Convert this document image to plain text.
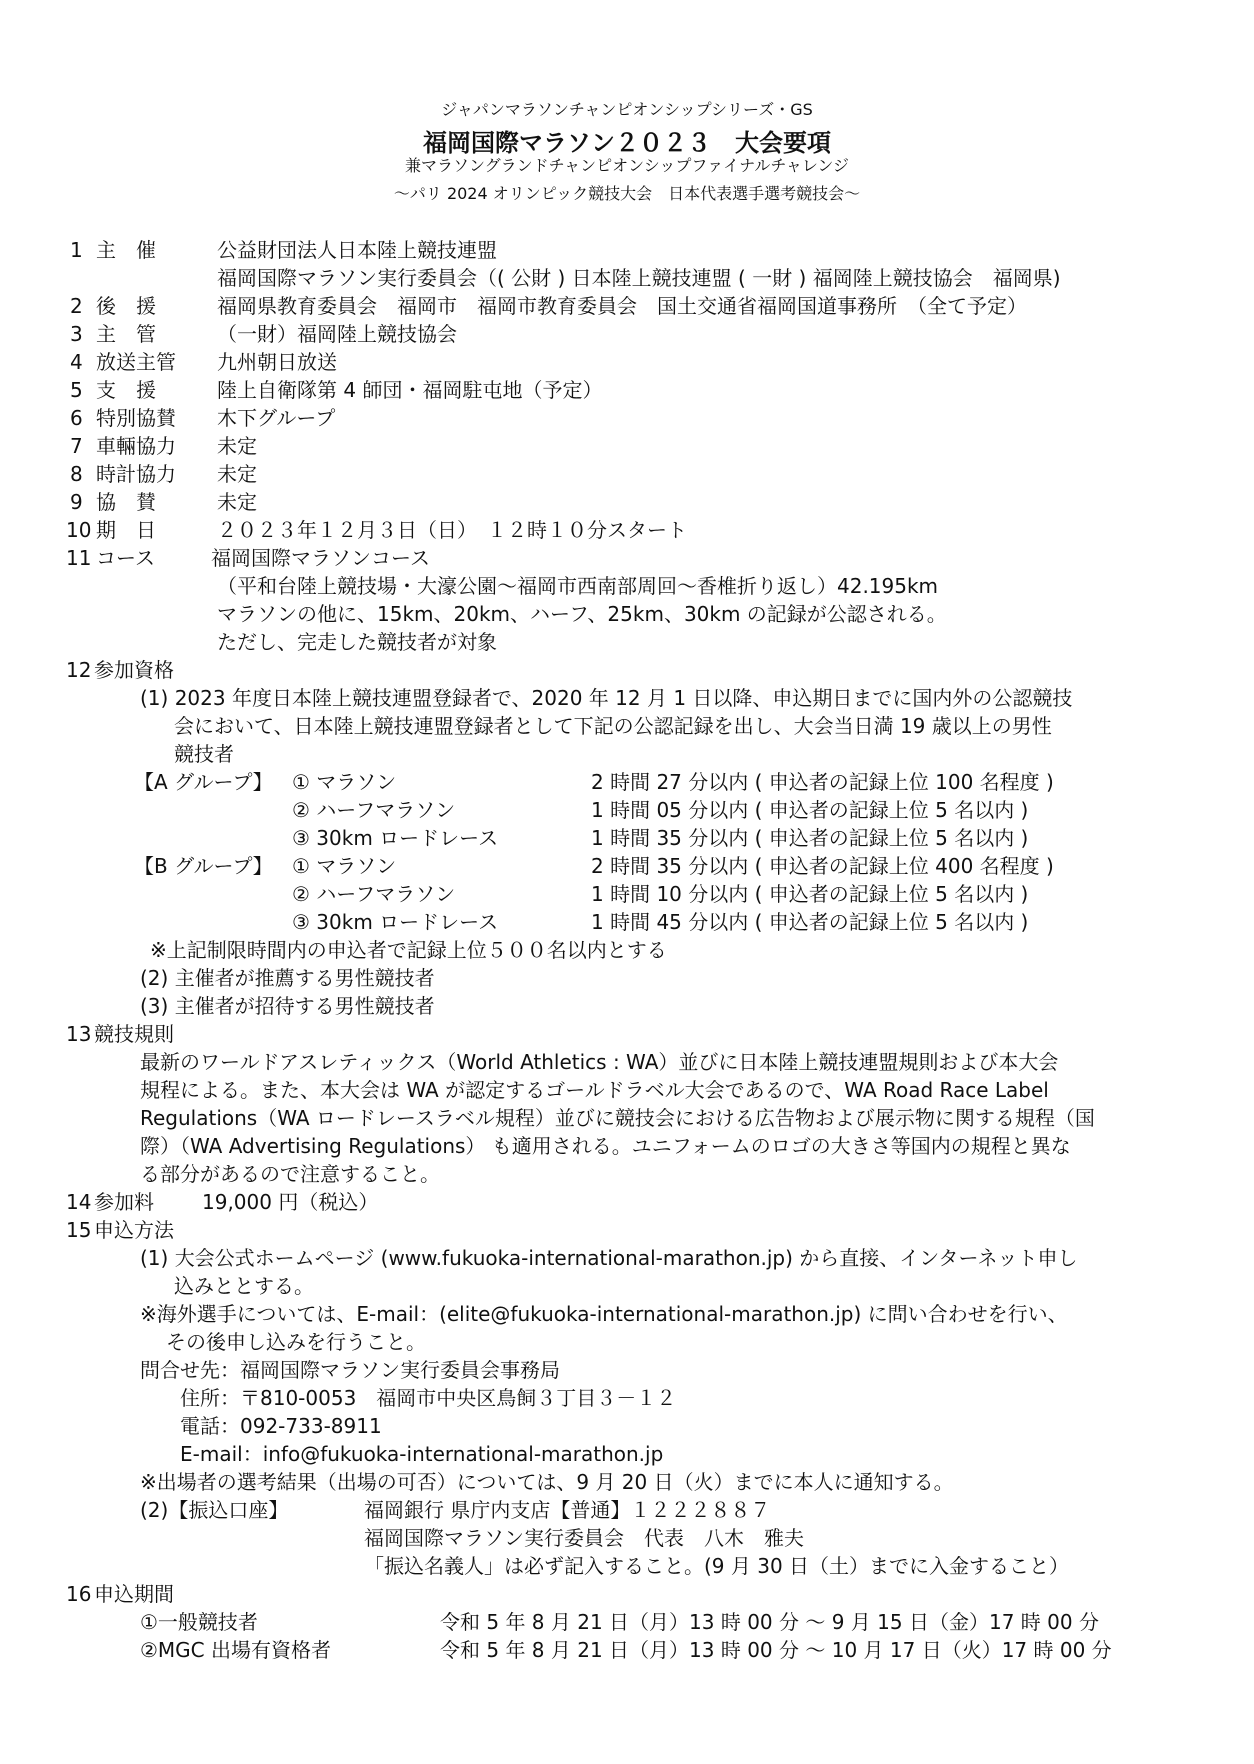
ジャパンマラソンチャンピオンシップシリーズ・GS
福岡国際マラソン２０２３　大会要項
兼マラソングランドチャンピオンシップファイナルチャレンジ
～パリ 2024 オリンピック競技大会　日本代表選手選考競技会～
1 主　催	公益財団法人日本陸上競技連盟
福岡国際マラソン実行委員会（( 公財 ) 日本陸上競技連盟 ( 一財 ) 福岡陸上競技協会　福岡県)
2 後　援	福岡県教育委員会　福岡市　福岡市教育委員会　国土交通省福岡国道事務所　（全て予定）
3 主　管	（一財）福岡陸上競技協会
4 放送主管 九州朝日放送
5 支　援	陸上自衛隊第 4 師団・福岡駐屯地（予定）
6 特別協賛 木下グループ
7 車輛協力 未定
8 時計協力 未定
9 協　賛	未定
10 期　日	２０２３年１２月３日（日）　１２時１０分スタート
11 コース	福岡国際マラソンコース
（平和台陸上競技場・大濠公園～福岡市西南部周回～香椎折り返し）42.195km
マラソンの他に、15km、20km、ハーフ、25km、30km の記録が公認される。
ただし、完走した競技者が対象
12 参加資格
(1) 2023 年度日本陸上競技連盟登録者で、2020 年 12 月 1 日以降、申込期日までに国内外の公認競技
会において、日本陸上競技連盟登録者として下記の公認記録を出し、大会当日満 19 歳以上の男性
競技者
【A グループ】 ① マラソン	2 時間 27 分以内 ( 申込者の記録上位 100 名程度 )
② ハーフマラソン	1 時間 05 分以内 ( 申込者の記録上位 5 名以内 )
③ 30km ロードレース	1 時間 35 分以内 ( 申込者の記録上位 5 名以内 )
【B グループ】 ① マラソン	2 時間 35 分以内 ( 申込者の記録上位 400 名程度 )
② ハーフマラソン	1 時間 10 分以内 ( 申込者の記録上位 5 名以内 )
③ 30km ロードレース	1 時間 45 分以内 ( 申込者の記録上位 5 名以内 )
※上記制限時間内の申込者で記録上位５００名以内とする
(2) 主催者が推薦する男性競技者
(3) 主催者が招待する男性競技者
13 競技規則
最新のワールドアスレティックス（World Athletics : WA）並びに日本陸上競技連盟規則および本大会
規程による。また、本大会は WA が認定するゴールドラベル大会であるので、WA Road Race Label
Regulations（WA ロードレースラベル規程）並びに競技会における広告物および展示物に関する規程（国
際）（WA Advertising Regulations） も適用される。ユニフォームのロゴの大きさ等国内の規程と異な
る部分があるので注意すること。
14 参加料 19,000 円（税込）
15 申込方法
(1) 大会公式ホームページ (www.fukuoka-international-marathon.jp) から直接、インターネット申し
込みととする。
※海外選手については、E-mail：(elite@fukuoka-international-marathon.jp) に問い合わせを行い、
その後申し込みを行うこと。
問合せ先：福岡国際マラソン実行委員会事務局
住所：〒810-0053　福岡市中央区鳥飼３丁目３－１２
電話：092-733-8911
E-mail：info@fukuoka-international-marathon.jp
※出場者の選考結果（出場の可否）については、9 月 20 日（火）までに本人に通知する。
(2)【振込口座】	福岡銀行 県庁内支店【普通】１２２２８８７
福岡国際マラソン実行委員会　代表　八木　雅夫
「振込名義人」は必ず記入すること。(9 月 30 日（土）までに入金すること）
16 申込期間
①一般競技者	令和 5 年 8 月 21 日（月）13 時 00 分 ～ 9 月 15 日（金）17 時 00 分
②MGC 出場有資格者	令和 5 年 8 月 21 日（月）13 時 00 分 ～ 10 月 17 日（火）17 時 00 分
